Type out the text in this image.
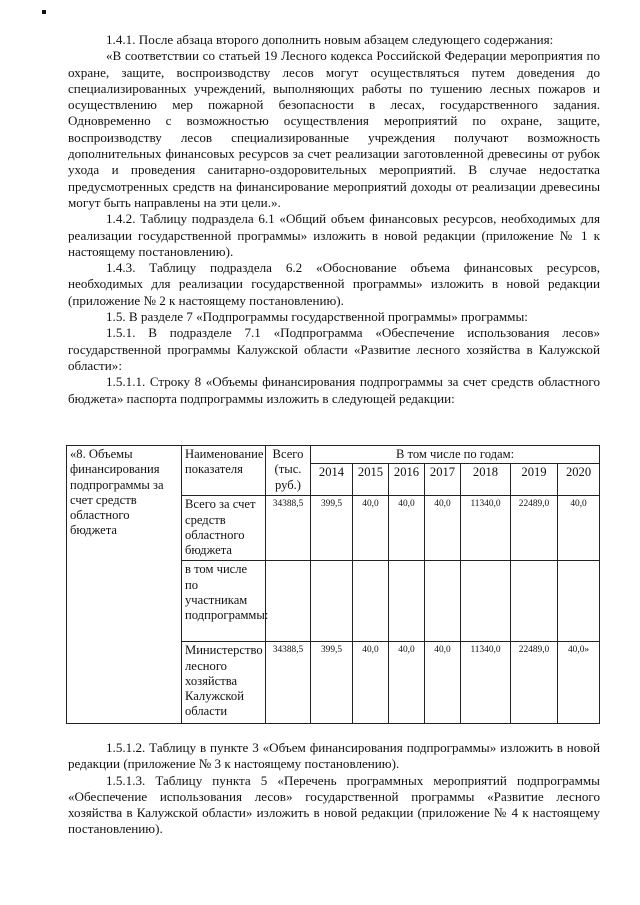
1.4.1. После абзаца второго дополнить новым абзацем следующего содержания:

«В соответствии со статьей 19 Лесного кодекса Российской Федерации мероприятия по охране, защите, воспроизводству лесов могут осуществляться путем доведения до специализированных учреждений, выполняющих работы по тушению лесных пожаров и осуществлению мер пожарной безопасности в лесах, государственного задания. Одновременно с возможностью осуществления мероприятий по охране, защите, воспроизводству лесов специализированные учреждения получают возможность дополнительных финансовых ресурсов за счет реализации заготовленной древесины от рубок ухода и проведения санитарно-оздоровительных мероприятий. В случае недостатка предусмотренных средств на финансирование мероприятий доходы от реализации древесины могут быть направлены на эти цели.».

1.4.2. Таблицу подраздела 6.1 «Общий объем финансовых ресурсов, необходимых для реализации государственной программы» изложить в новой редакции (приложение № 1 к настоящему постановлению).

1.4.3. Таблицу подраздела 6.2 «Обоснование объема финансовых ресурсов, необходимых для реализации государственной программы» изложить в новой редакции (приложение № 2 к настоящему постановлению).

1.5. В разделе 7 «Подпрограммы государственной программы» программы:

1.5.1. В подразделе 7.1 «Подпрограмма «Обеспечение использования лесов» государственной программы Калужской области «Развитие лесного хозяйства в Калужской области»:

1.5.1.1. Строку 8 «Объемы финансирования подпрограммы за счет средств областного бюджета» паспорта подпрограммы изложить в следующей редакции:

«8. Объемы финансирования подпрограммы за счет средств областного бюджета	Наименование показателя	Всего (тыс. руб.)	В том числе по годам:						
			2014	2015	2016	2017	2018	2019	2020
	Всего за счет средств областного бюджета	34388,5	399,5	40,0	40,0	40,0	11340,0	22489,0	40,0
	в том числе по участникам подпрограммы:								
	Министерство лесного хозяйства Калужской области	34388,5	399,5	40,0	40,0	40,0	11340,0	22489,0	40,0»

1.5.1.2. Таблицу в пункте 3 «Объем финансирования подпрограммы» изложить в новой редакции (приложение № 3 к настоящему постановлению).

1.5.1.3. Таблицу пункта 5 «Перечень программных мероприятий подпрограммы «Обеспечение использования лесов» государственной программы «Развитие лесного хозяйства в Калужской области» изложить в новой редакции (приложение № 4 к настоящему постановлению).
